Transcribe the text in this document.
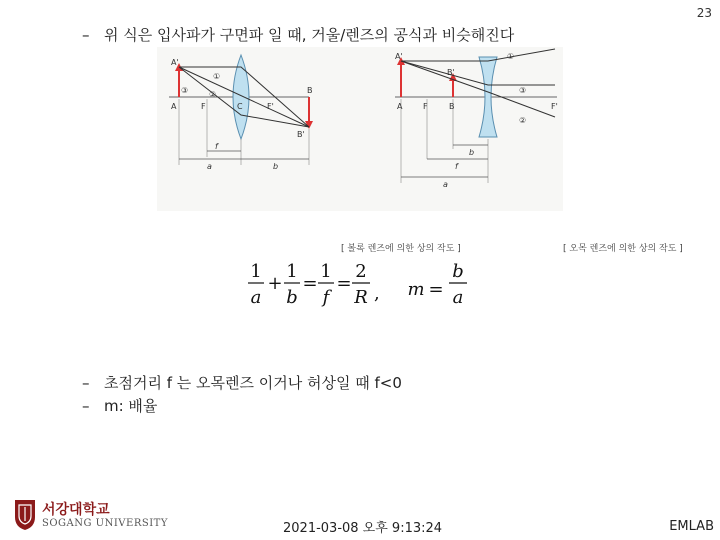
23
– 위 식은 입사파가 구면파 일 때, 거울/렌즈의 공식과 비슷해진다
A'
A	F	C	F'
B
B'
f
a	b
①
②
③
A'
A	F	B
B'
F'
b
f
a
①
②
③
[ 볼록 렌즈에 의한 상의 작도 ]	[ 오목 렌즈에 의한 상의 작도 ]
1
a
+
1
b
=
1
f
=
2
R , m =
b
a
– 초점거리 f 는 오목렌즈 이거나 허상일 때 f<0
– m: 배율
서강대학교
SOGANG UNIVERSITY	2021-03-08 오후 9:13:24	EMLAB
